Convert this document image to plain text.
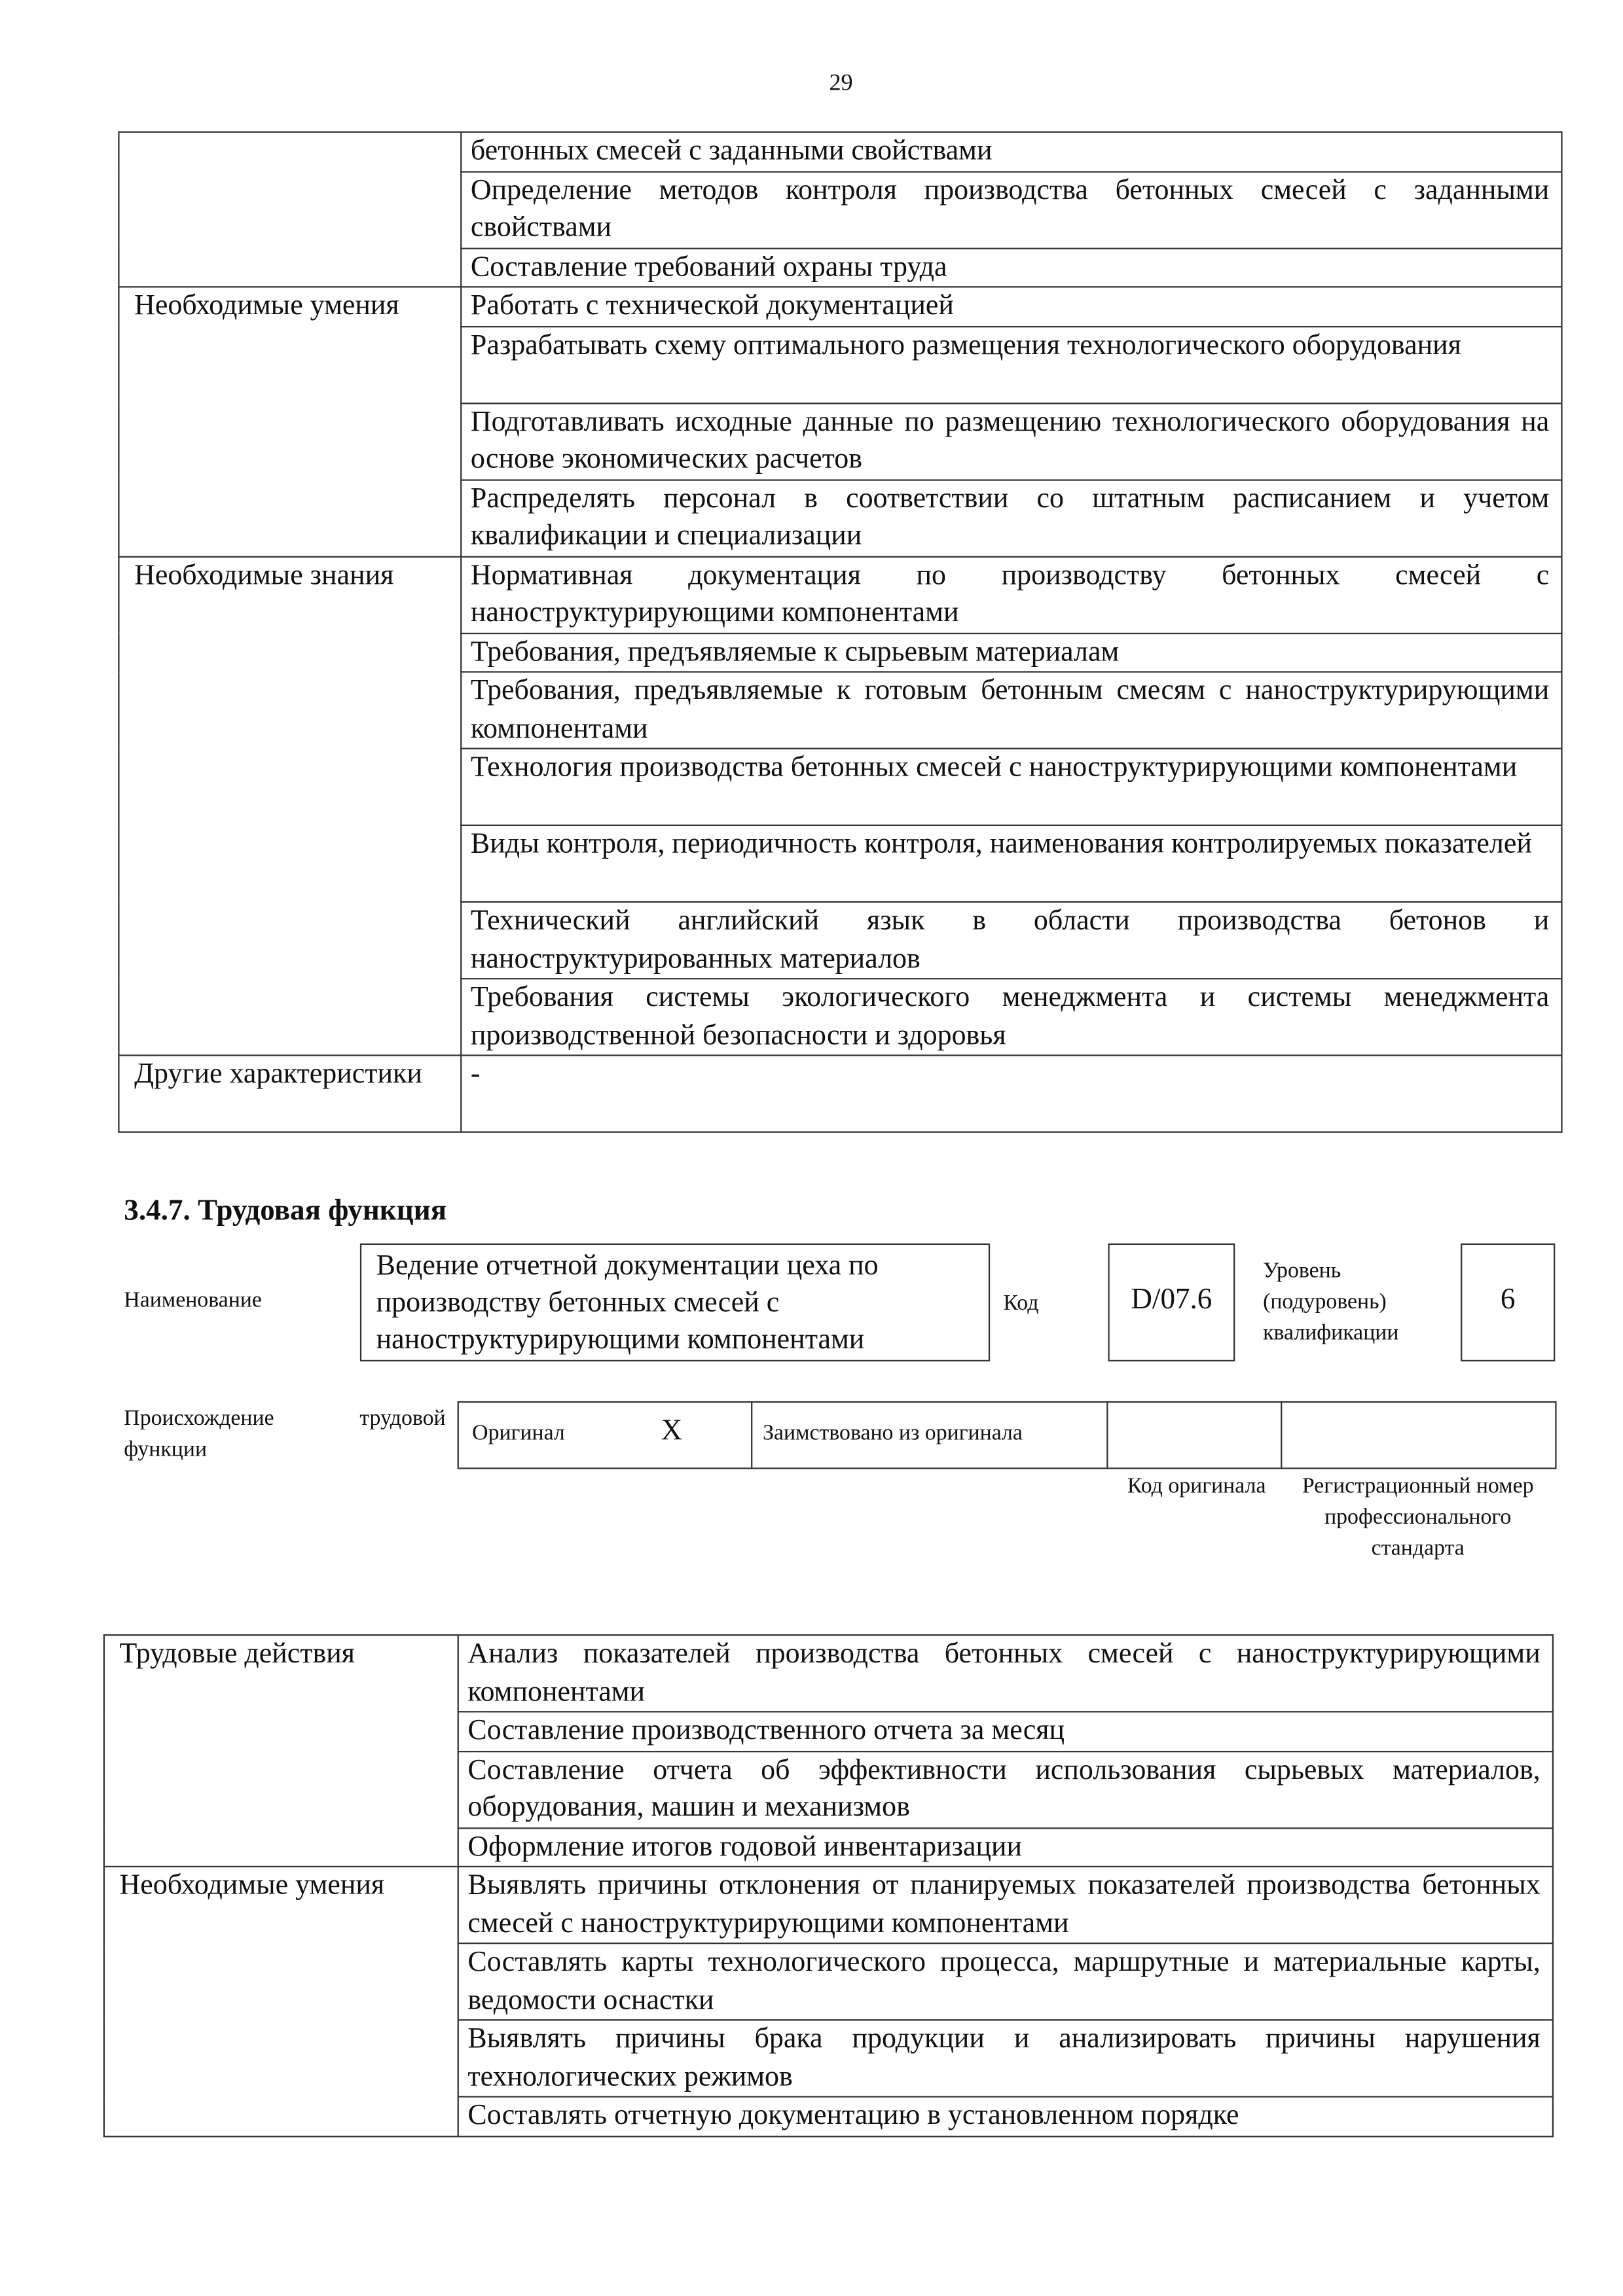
29
	бетонных смесей с заданными свойствами
	Определение методов контроля производства бетонных смесей с заданными свойствами
	Составление требований охраны труда
Необходимые умения	Работать с технической документацией
	Разрабатывать схему оптимального размещения технологического оборудования
	Подготавливать исходные данные по размещению технологического оборудования на основе экономических расчетов
	Распределять персонал в соответствии со штатным расписанием и учетом квалификации и специализации
Необходимые знания	Нормативная документация по производству бетонных смесей с наноструктурирующими компонентами
	Требования, предъявляемые к сырьевым материалам
	Требования, предъявляемые к готовым бетонным смесям с наноструктурирующими компонентами
	Технология производства бетонных смесей с наноструктурирующими компонентами
	Виды контроля, периодичность контроля, наименования контролируемых показателей
	Технический английский язык в области производства бетонов и наноструктурированных материалов
	Требования системы экологического менеджмента и системы менеджмента производственной безопасности и здоровья
Другие характеристики	-
3.4.7. Трудовая функция
Наименование
Ведение отчетной документации цеха по производству бетонных смесей с наноструктурирующими компонентами
Код	D/07.6
Уровень (подуровень) квалификации
6
Происхождение трудовой функции
Оригинал	X	Заимствовано из оригинала
Код оригинала	Регистрационный номер профессионального стандарта
Трудовые действия	Анализ показателей производства бетонных смесей с наноструктурирующими компонентами
	Составление производственного отчета за месяц
	Составление отчета об эффективности использования сырьевых материалов, оборудования, машин и механизмов
	Оформление итогов годовой инвентаризации
Необходимые умения	Выявлять причины отклонения от планируемых показателей производства бетонных смесей с наноструктурирующими компонентами
	Составлять карты технологического процесса, маршрутные и материальные карты, ведомости оснастки
	Выявлять причины брака продукции и анализировать причины нарушения технологических режимов
	Составлять отчетную документацию в установленном порядке
